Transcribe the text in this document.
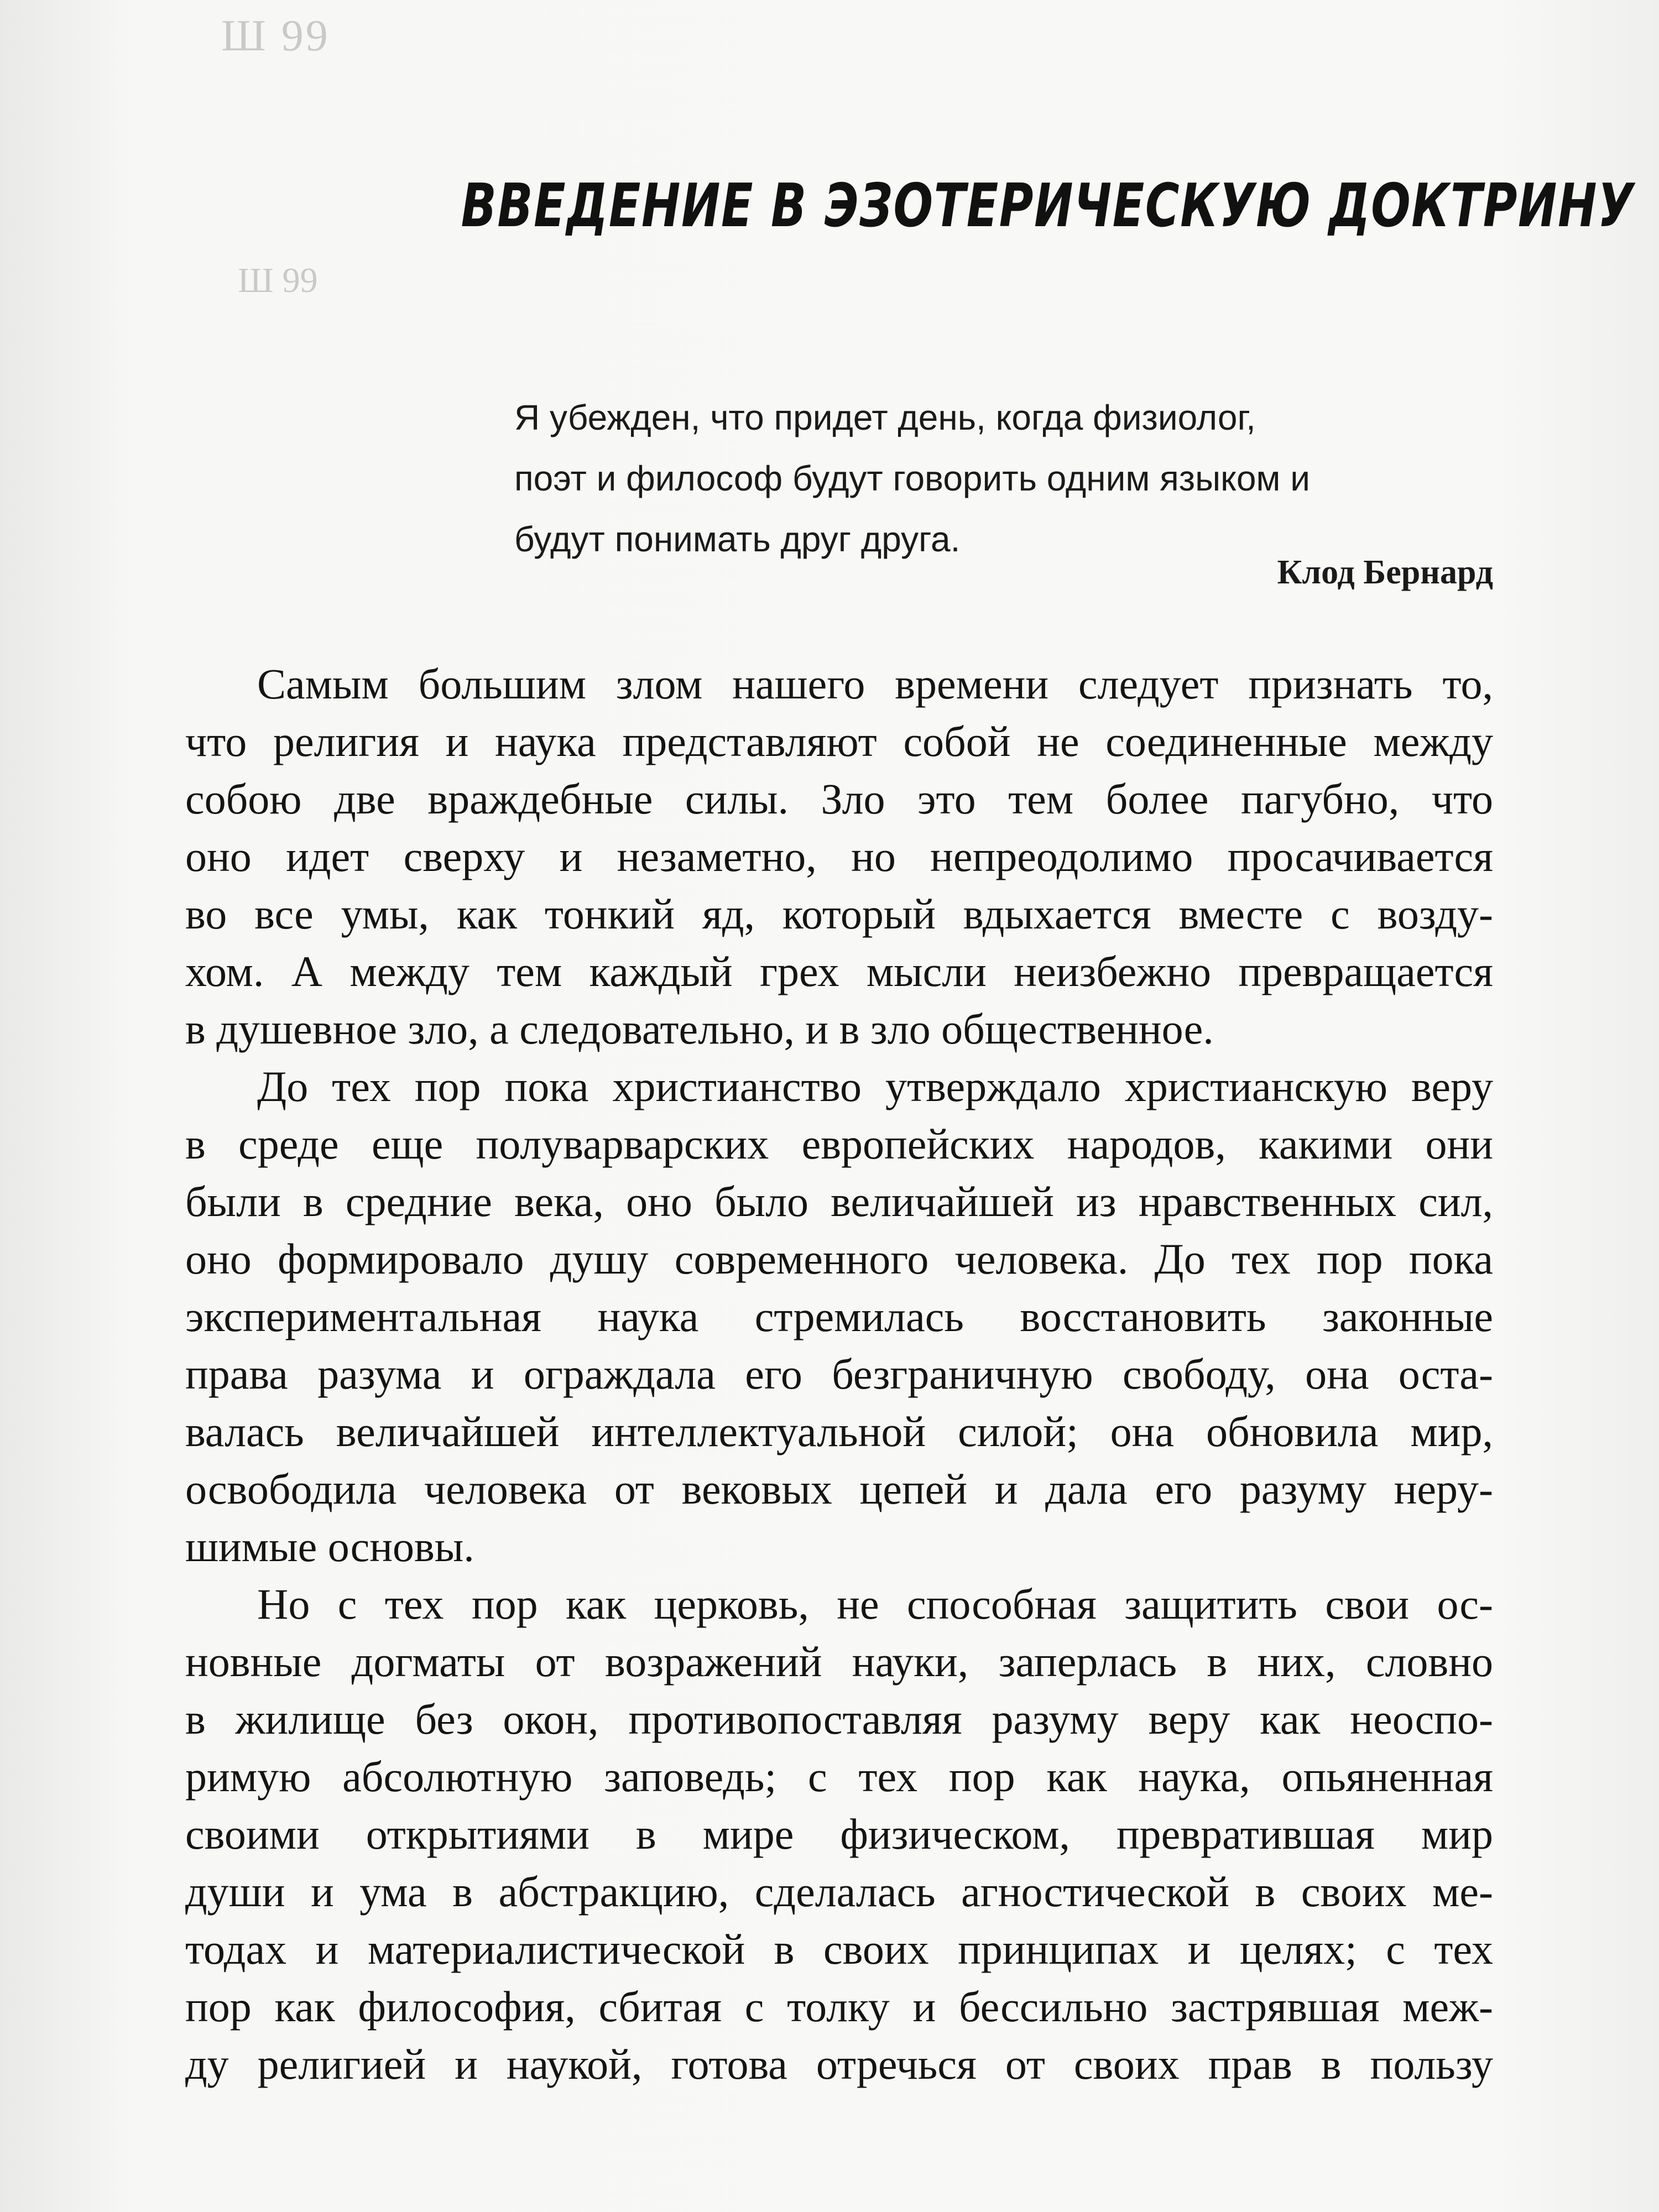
Ш 99
Ш 99
ВВЕДЕНИЕ В ЭЗОТЕРИЧЕСКУЮ ДОКТРИНУ
Я убежден, что придет день, когда физиолог,
поэт и философ будут говорить одним языком и
будут понимать друг друга.
Клод Бернард
Самым большим злом нашего времени следует признать то,
что религия и наука представляют собой не соединенные между
собою две враждебные силы. Зло это тем более пагубно, что
оно идет сверху и незаметно, но непреодолимо просачивается
во все умы, как тонкий яд, который вдыхается вместе с возду-
хом. А между тем каждый грех мысли неизбежно превращается
в душевное зло, а следовательно, и в зло общественное.
До тех пор пока христианство утверждало христианскую веру
в среде еще полуварварских европейских народов, какими они
были в средние века, оно было величайшей из нравственных сил,
оно формировало душу современного человека. До тех пор пока
экспериментальная наука стремилась восстановить законные
права разума и ограждала его безграничную свободу, она оста-
валась величайшей интеллектуальной силой; она обновила мир,
освободила человека от вековых цепей и дала его разуму неру-
шимые основы.
Но с тех пор как церковь, не способная защитить свои ос-
новные догматы от возражений науки, заперлась в них, словно
в жилище без окон, противопоставляя разуму веру как неоспо-
римую абсолютную заповедь; с тех пор как наука, опьяненная
своими открытиями в мире физическом, превратившая мир
души и ума в абстракцию, сделалась агностической в своих ме-
тодах и материалистической в своих принципах и целях; с тех
пор как философия, сбитая с толку и бессильно застрявшая меж-
ду религией и наукой, готова отречься от своих прав в пользу
